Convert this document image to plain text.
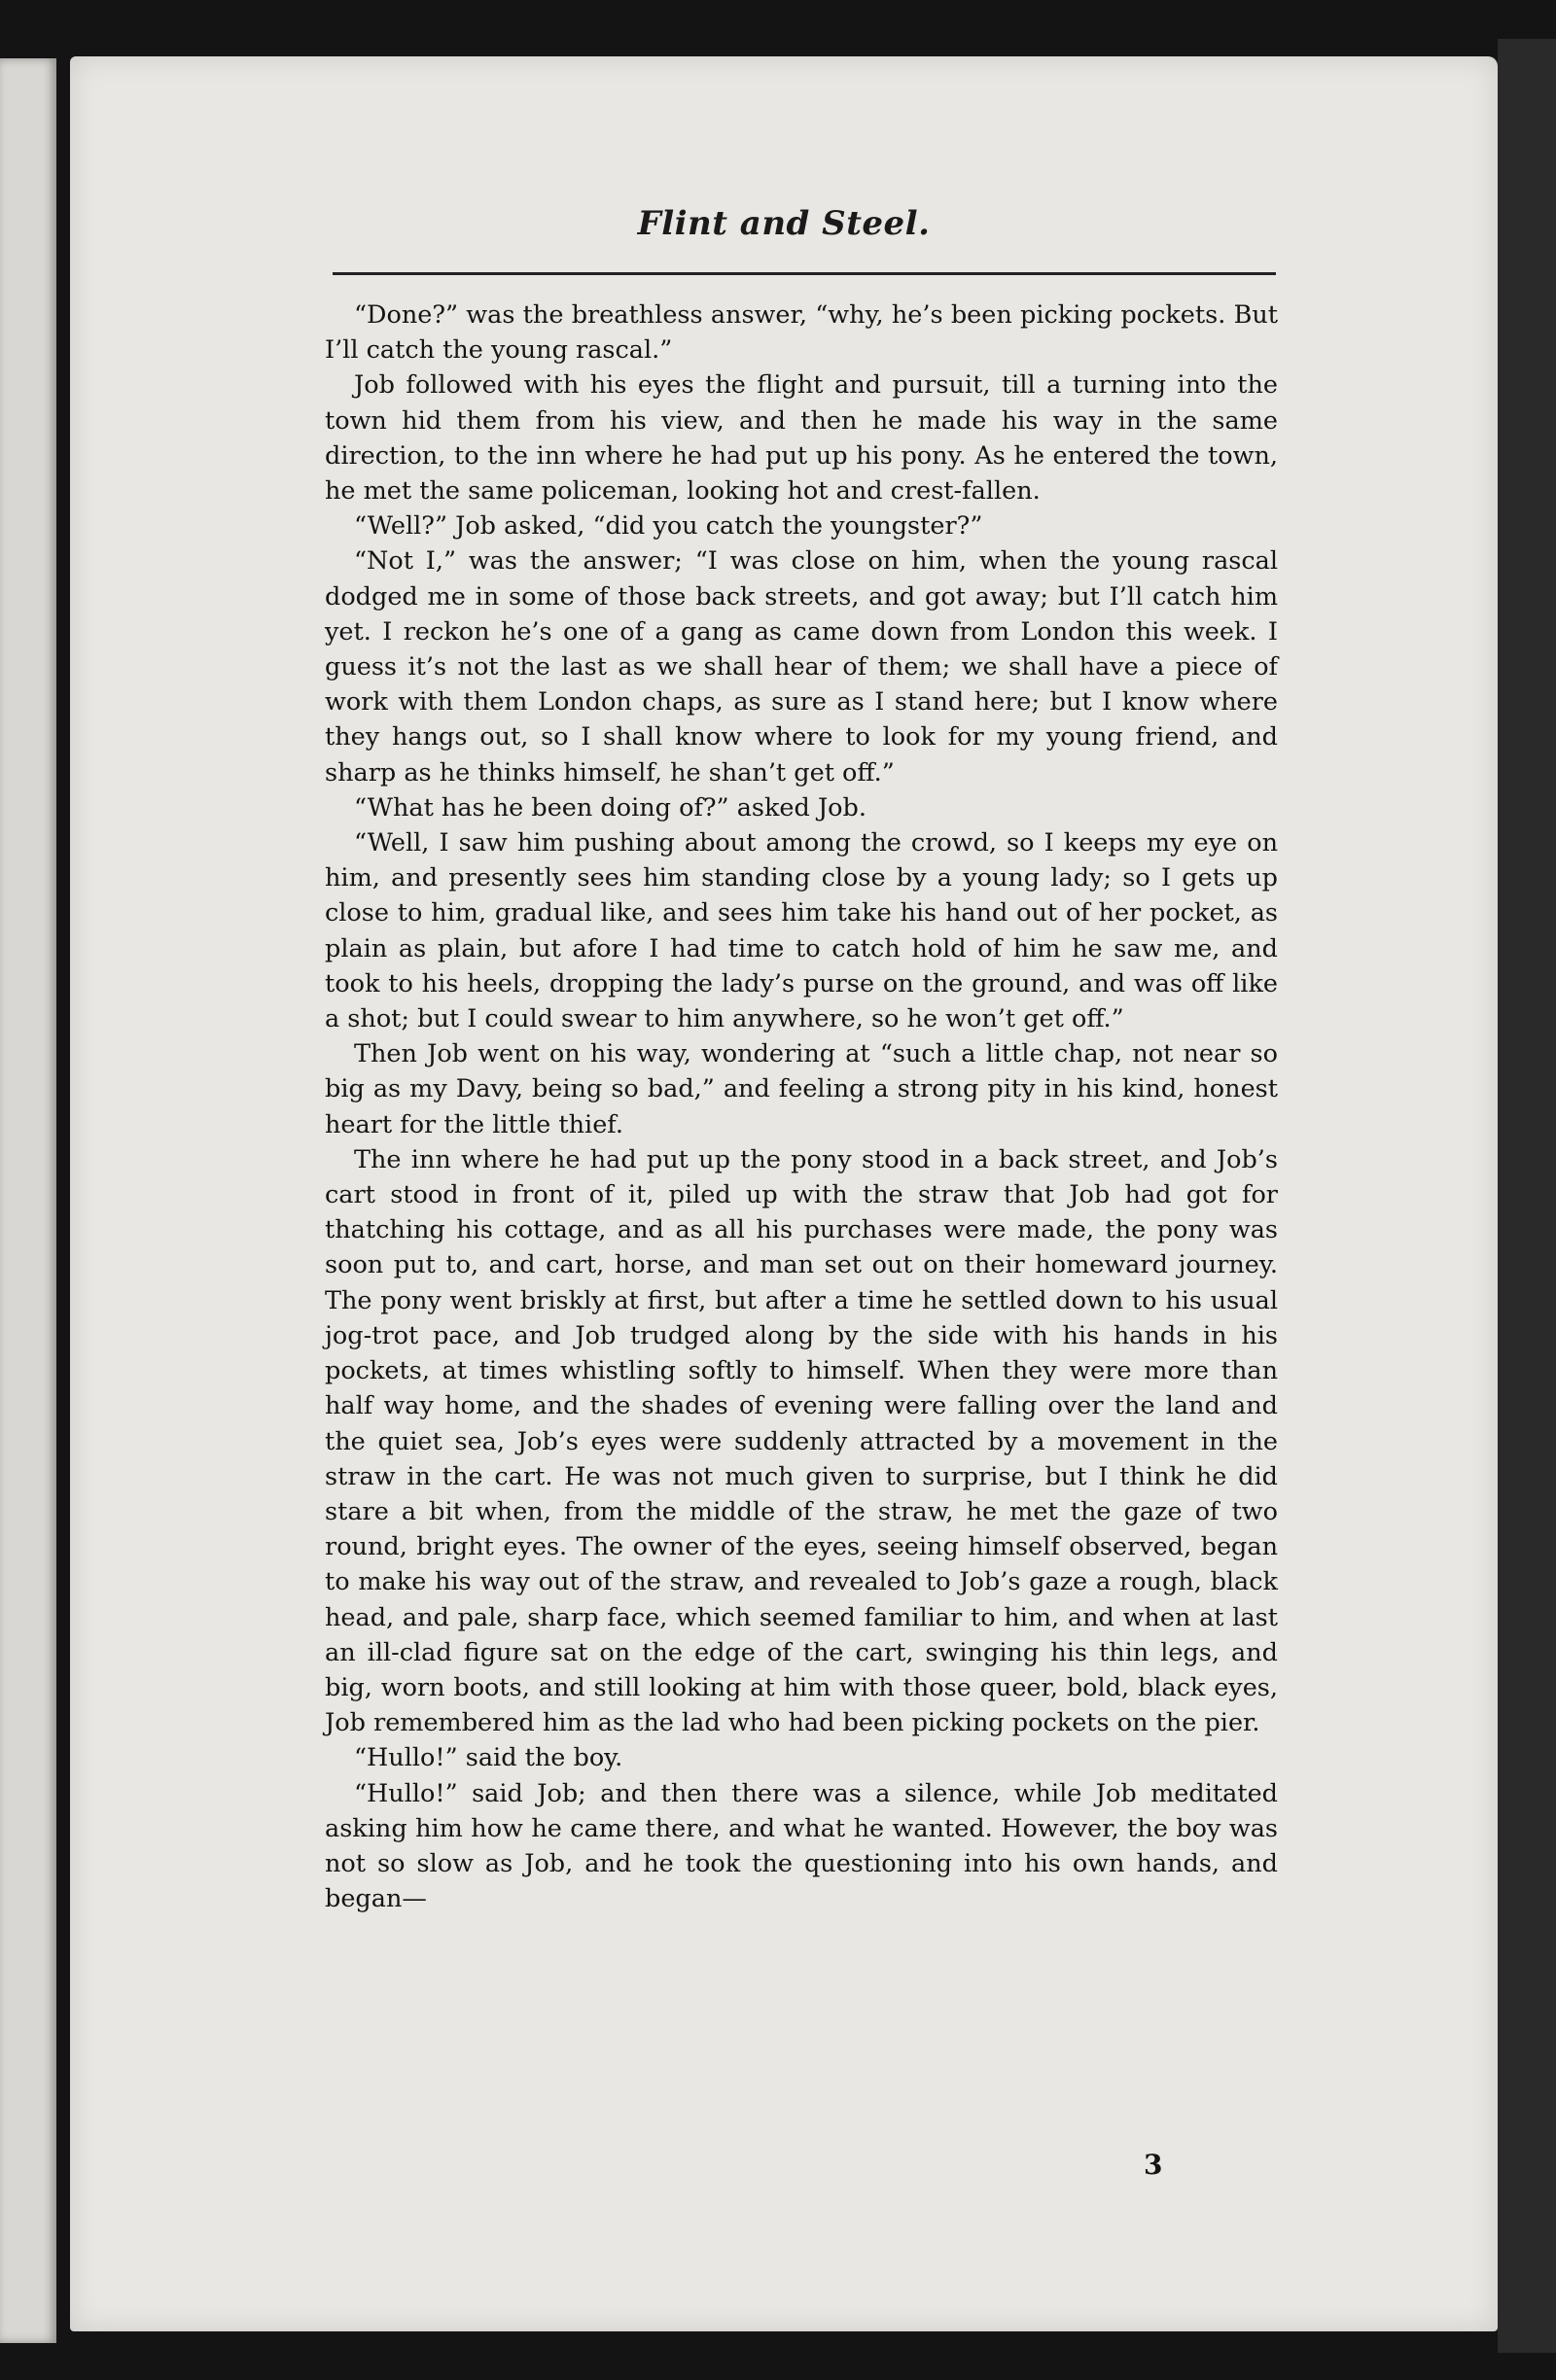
Flint and Steel.

“Done?” was the breathless answer, “why, he’s been picking pockets. But I’ll catch the young rascal.”

Job followed with his eyes the flight and pursuit, till a turning into the town hid them from his view, and then he made his way in the same direction, to the inn where he had put up his pony. As he entered the town, he met the same policeman, looking hot and crest-fallen.

“Well?” Job asked, “did you catch the youngster?”

“Not I,” was the answer; “I was close on him, when the young rascal dodged me in some of those back streets, and got away; but I’ll catch him yet. I reckon he’s one of a gang as came down from London this week. I guess it’s not the last as we shall hear of them; we shall have a piece of work with them London chaps, as sure as I stand here; but I know where they hangs out, so I shall know where to look for my young friend, and sharp as he thinks himself, he shan’t get off.”

“What has he been doing of?” asked Job.

“Well, I saw him pushing about among the crowd, so I keeps my eye on him, and presently sees him standing close by a young lady; so I gets up close to him, gradual like, and sees him take his hand out of her pocket, as plain as plain, but afore I had time to catch hold of him he saw me, and took to his heels, dropping the lady’s purse on the ground, and was off like a shot; but I could swear to him anywhere, so he won’t get off.”

Then Job went on his way, wondering at “such a little chap, not near so big as my Davy, being so bad,” and feeling a strong pity in his kind, honest heart for the little thief.

The inn where he had put up the pony stood in a back street, and Job’s cart stood in front of it, piled up with the straw that Job had got for thatching his cottage, and as all his purchases were made, the pony was soon put to, and cart, horse, and man set out on their homeward journey. The pony went briskly at first, but after a time he settled down to his usual jog-trot pace, and Job trudged along by the side with his hands in his pockets, at times whistling softly to himself. When they were more than half way home, and the shades of evening were falling over the land and the quiet sea, Job’s eyes were suddenly attracted by a movement in the straw in the cart. He was not much given to surprise, but I think he did stare a bit when, from the middle of the straw, he met the gaze of two round, bright eyes. The owner of the eyes, seeing himself observed, began to make his way out of the straw, and revealed to Job’s gaze a rough, black head, and pale, sharp face, which seemed familiar to him, and when at last an ill-clad figure sat on the edge of the cart, swinging his thin legs, and big, worn boots, and still looking at him with those queer, bold, black eyes, Job remembered him as the lad who had been picking pockets on the pier.

“Hullo!” said the boy.

“Hullo!” said Job; and then there was a silence, while Job meditated asking him how he came there, and what he wanted. However, the boy was not so slow as Job, and he took the questioning into his own hands, and began—

3
